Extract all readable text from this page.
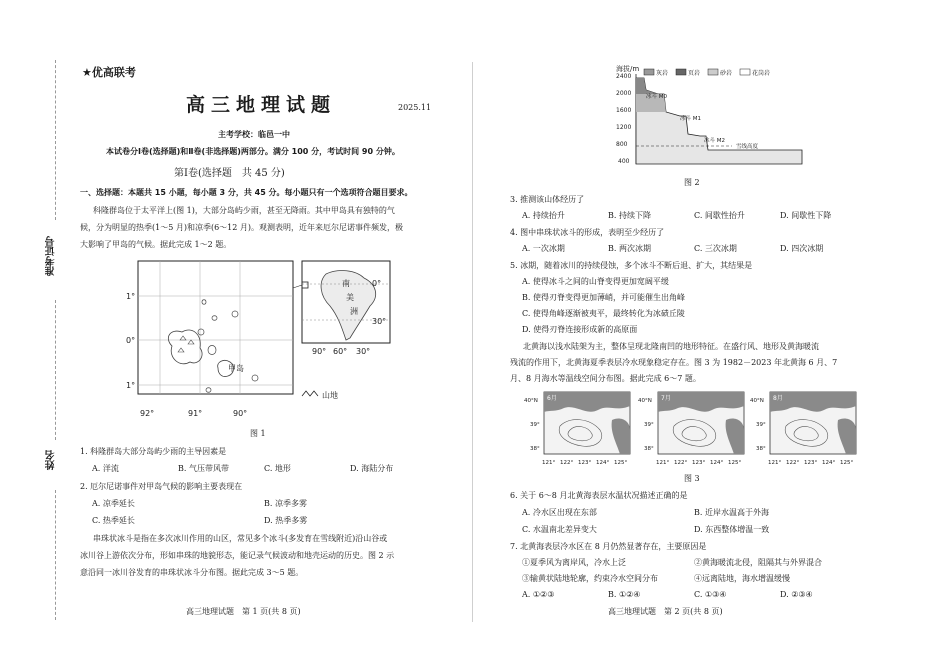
准考证号
姓名
★优高联考
高三地理试题	2025.11
主考学校：临邑一中
本试卷分Ⅰ卷(选择题)和Ⅱ卷(非选择题)两部分。满分 100 分，考试时间 90 分钟。
第Ⅰ卷(选择题　共 45 分)
一、选择题：本题共 15 小题，每小题 3 分，共 45 分。每小题只有一个选项符合题目要求。
科隆群岛位于太平洋上(图 1)，大部分岛屿少雨，甚至无降雨。其中甲岛具有独特的气
候，分为明显的热季(1～5 月)和凉季(6～12 月)。观测表明，近年来厄尔尼诺事件频发，极
大影响了甲岛的气候。据此完成 1～2 题。
甲岛
1°
0°
1°
92°	91°	90°
南
美
洲
0°
30°
90° 60° 30°
山地
图 1
1. 科隆群岛大部分岛屿少雨的主导因素是
A. 洋流	B. 气压带风带	C. 地形	D. 海陆分布
2. 厄尔尼诺事件对甲岛气候的影响主要表现在
A. 凉季延长	B. 凉季多雾
C. 热季延长	D. 热季多雾
串珠状冰斗是指在多次冰川作用的山区，常见多个冰斗(多发育在雪线附近)沿山谷或
冰川谷上游依次分布，形如串珠的地貌形态，能记录气候波动和地壳运动的历史。图 2 示
意沿同一冰川谷发育的串珠状冰斗分布图。据此完成 3～5 题。
高三地理试题　第 1 页(共 8 页)
海拔/m
2400
2000
1600
1200
800
400
灰岩	页岩	砂岩	花岗岩
冰斗 M0
冰斗 M1
冰斗 M2
雪线高度
图 2
3. 推测该山体经历了
A. 持续抬升	B. 持续下降	C. 间歇性抬升	D. 间歇性下降
4. 图中串珠状冰斗的形成，表明至少经历了
A. 一次冰期	B. 两次冰期	C. 三次冰期	D. 四次冰期
5. 冰期，随着冰川的持续侵蚀，多个冰斗不断后退、扩大，其结果是
A. 使得冰斗之间的山脊变得更加宽阔平缓
B. 使得刃脊变得更加薄峭，并可能催生出角峰
C. 使得角峰逐渐被夷平，最终转化为冰碛丘陵
D. 使得刃脊连接形成新的高原面
北黄海以浅水陆架为主，整体呈现北隆南凹的地形特征。在盛行风、地形及黄海暖流
残流的作用下，北黄海夏季表层冷水现象稳定存在。图 3 为 1982－2023 年北黄海 6 月、7
月、8 月海水等温线空间分布图。据此完成 6～7 题。
6月	7月	8月
40°N
39°
38°
40°N
39°
38°
40°N
39°
38°
121° 122° 123° 124° 125°	121° 122° 123° 124° 125°	121° 122° 123° 124° 125°
图 3
6. 关于 6～8 月北黄海表层水温状况描述正确的是
A. 冷水区出现在东部	B. 近岸水温高于外海
C. 水温南北差异变大	D. 东西整体增温一致
7. 北黄海表层冷水区在 8 月仍然显著存在，主要原因是
①夏季风为离岸风，冷水上泛	②黄海暖流北侵，阻隔其与外界混合
③输黄状陆地轮廓，约束冷水空间分布	④远离陆地，海水增温缓慢
A. ①②③	B. ①②④	C. ①③④	D. ②③④
高三地理试题　第 2 页(共 8 页)
